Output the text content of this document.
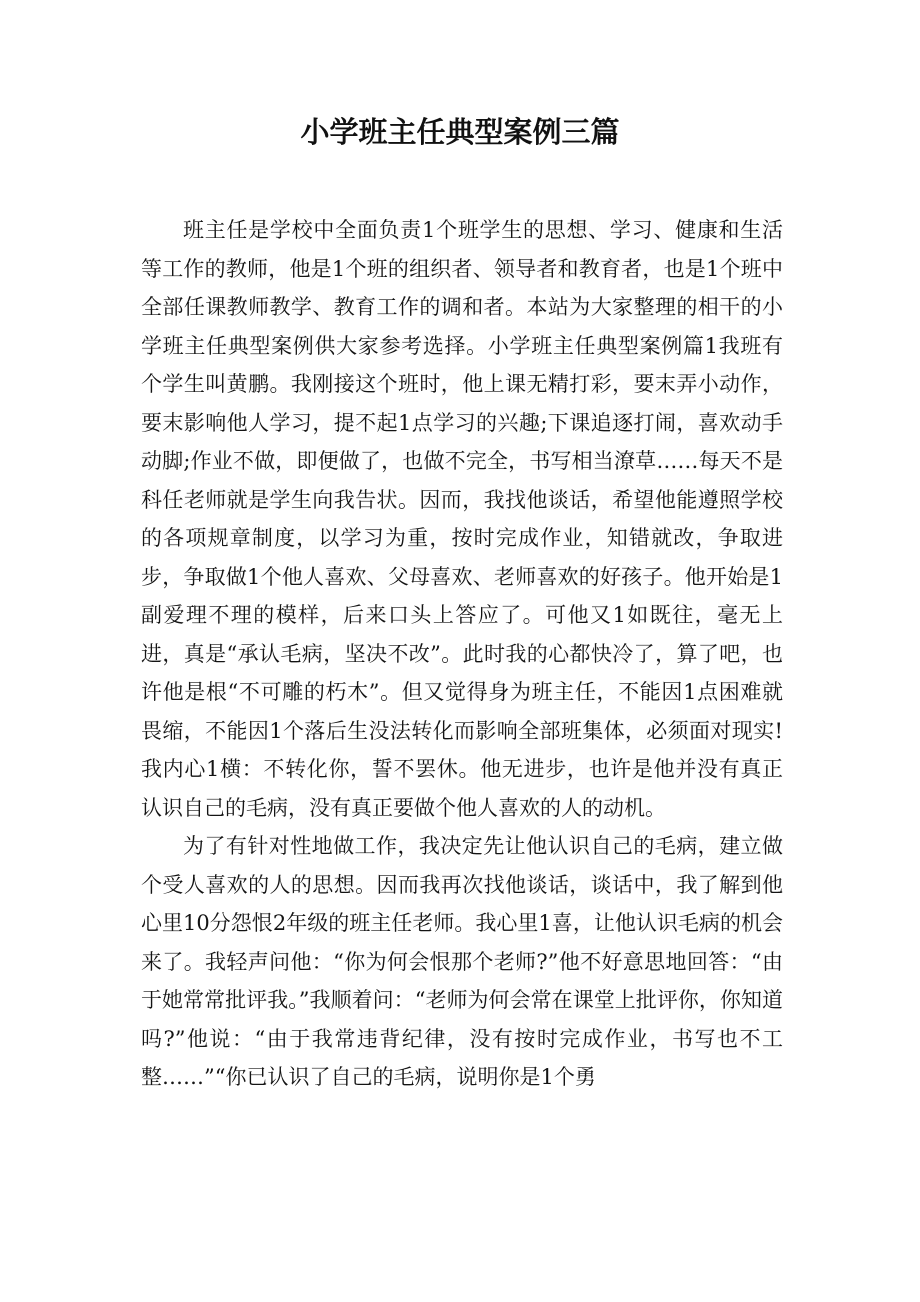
小学班主任典型案例三篇

班主任是学校中全面负责1个班学生的思想、学习、健康和生活等工作的教师，他是1个班的组织者、领导者和教育者，也是1个班中全部任课教师教学、教育工作的调和者。本站为大家整理的相干的小学班主任典型案例供大家参考选择。小学班主任典型案例篇1我班有个学生叫黄鹏。我刚接这个班时，他上课无精打彩，要末弄小动作，要末影响他人学习，提不起1点学习的兴趣;下课追逐打闹，喜欢动手动脚;作业不做，即便做了，也做不完全，书写相当潦草……每天不是科任老师就是学生向我告状。因而，我找他谈话，希望他能遵照学校的各项规章制度，以学习为重，按时完成作业，知错就改，争取进步，争取做1个他人喜欢、父母喜欢、老师喜欢的好孩子。他开始是1副爱理不理的模样，后来口头上答应了。可他又1如既往，毫无上进，真是“承认毛病，坚决不改”。此时我的心都快冷了，算了吧，也许他是根“不可雕的朽木”。但又觉得身为班主任，不能因1点困难就畏缩，不能因1个落后生没法转化而影响全部班集体，必须面对现实!我内心1横：不转化你，誓不罢休。他无进步，也许是他并没有真正认识自己的毛病，没有真正要做个他人喜欢的人的动机。

为了有针对性地做工作，我决定先让他认识自己的毛病，建立做个受人喜欢的人的思想。因而我再次找他谈话，谈话中，我了解到他心里10分怨恨2年级的班主任老师。我心里1喜，让他认识毛病的机会来了。我轻声问他：“你为何会恨那个老师?”他不好意思地回答：“由于她常常批评我。”我顺着问：“老师为何会常在课堂上批评你，你知道吗?”他说：“由于我常违背纪律，没有按时完成作业，书写也不工整……”“你已认识了自己的毛病，说明你是1个勇
